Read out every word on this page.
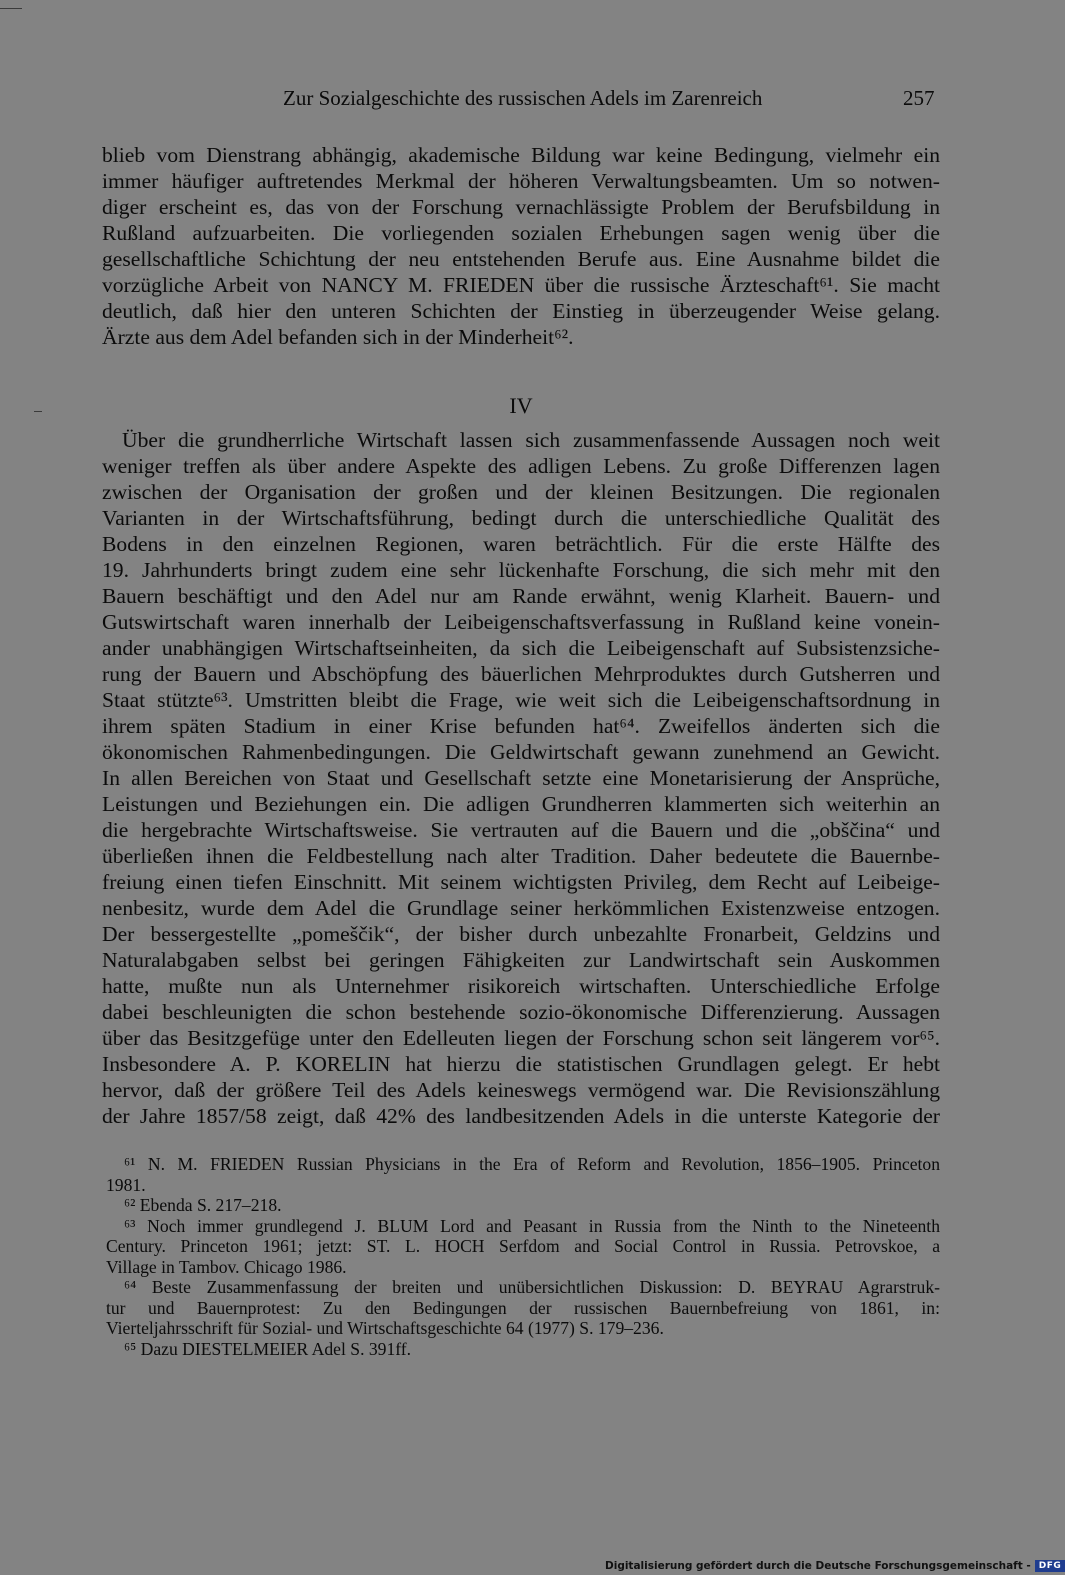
Zur Sozialgeschichte des russischen Adels im Zarenreich	257
blieb vom Dienstrang abhängig, akademische Bildung war keine Bedingung, vielmehr ein
immer häufiger auftretendes Merkmal der höheren Verwaltungsbeamten. Um so notwen-
diger erscheint es, das von der Forschung vernachlässigte Problem der Berufsbildung in
Rußland aufzuarbeiten. Die vorliegenden sozialen Erhebungen sagen wenig über die
gesellschaftliche Schichtung der neu entstehenden Berufe aus. Eine Ausnahme bildet die
vorzügliche Arbeit von NANCY M. FRIEDEN über die russische Ärzteschaft⁶¹. Sie macht
deutlich, daß hier den unteren Schichten der Einstieg in überzeugender Weise gelang.
Ärzte aus dem Adel befanden sich in der Minderheit⁶².
IV
Über die grundherrliche Wirtschaft lassen sich zusammenfassende Aussagen noch weit
weniger treffen als über andere Aspekte des adligen Lebens. Zu große Differenzen lagen
zwischen der Organisation der großen und der kleinen Besitzungen. Die regionalen
Varianten in der Wirtschaftsführung, bedingt durch die unterschiedliche Qualität des
Bodens in den einzelnen Regionen, waren beträchtlich. Für die erste Hälfte des
19. Jahrhunderts bringt zudem eine sehr lückenhafte Forschung, die sich mehr mit den
Bauern beschäftigt und den Adel nur am Rande erwähnt, wenig Klarheit. Bauern- und
Gutswirtschaft waren innerhalb der Leibeigenschaftsverfassung in Rußland keine vonein-
ander unabhängigen Wirtschaftseinheiten, da sich die Leibeigenschaft auf Subsistenzsiche-
rung der Bauern und Abschöpfung des bäuerlichen Mehrproduktes durch Gutsherren und
Staat stützte⁶³. Umstritten bleibt die Frage, wie weit sich die Leibeigenschaftsordnung in
ihrem späten Stadium in einer Krise befunden hat⁶⁴. Zweifellos änderten sich die
ökonomischen Rahmenbedingungen. Die Geldwirtschaft gewann zunehmend an Gewicht.
In allen Bereichen von Staat und Gesellschaft setzte eine Monetarisierung der Ansprüche,
Leistungen und Beziehungen ein. Die adligen Grundherren klammerten sich weiterhin an
die hergebrachte Wirtschaftsweise. Sie vertrauten auf die Bauern und die „obščina“ und
überließen ihnen die Feldbestellung nach alter Tradition. Daher bedeutete die Bauernbe-
freiung einen tiefen Einschnitt. Mit seinem wichtigsten Privileg, dem Recht auf Leibeige-
nenbesitz, wurde dem Adel die Grundlage seiner herkömmlichen Existenzweise entzogen.
Der bessergestellte „pomeščik“, der bisher durch unbezahlte Fronarbeit, Geldzins und
Naturalabgaben selbst bei geringen Fähigkeiten zur Landwirtschaft sein Auskommen
hatte, mußte nun als Unternehmer risikoreich wirtschaften. Unterschiedliche Erfolge
dabei beschleunigten die schon bestehende sozio-ökonomische Differenzierung. Aussagen
über das Besitzgefüge unter den Edelleuten liegen der Forschung schon seit längerem vor⁶⁵.
Insbesondere A. P. KORELIN hat hierzu die statistischen Grundlagen gelegt. Er hebt
hervor, daß der größere Teil des Adels keineswegs vermögend war. Die Revisionszählung
der Jahre 1857/58 zeigt, daß 42% des landbesitzenden Adels in die unterste Kategorie der
⁶¹ N. M. FRIEDEN Russian Physicians in the Era of Reform and Revolution, 1856–1905. Princeton
1981.
⁶² Ebenda S. 217–218.
⁶³ Noch immer grundlegend J. BLUM Lord and Peasant in Russia from the Ninth to the Nineteenth
Century. Princeton 1961; jetzt: ST. L. HOCH Serfdom and Social Control in Russia. Petrovskoe, a
Village in Tambov. Chicago 1986.
⁶⁴ Beste Zusammenfassung der breiten und unübersichtlichen Diskussion: D. BEYRAU Agrarstruk-
tur und Bauernprotest: Zu den Bedingungen der russischen Bauernbefreiung von 1861, in:
Vierteljahrsschrift für Sozial- und Wirtschaftsgeschichte 64 (1977) S. 179–236.
⁶⁵ Dazu DIESTELMEIER Adel S. 391ff.
Digitalisierung gefördert durch die Deutsche Forschungsgemeinschaft - DFG
